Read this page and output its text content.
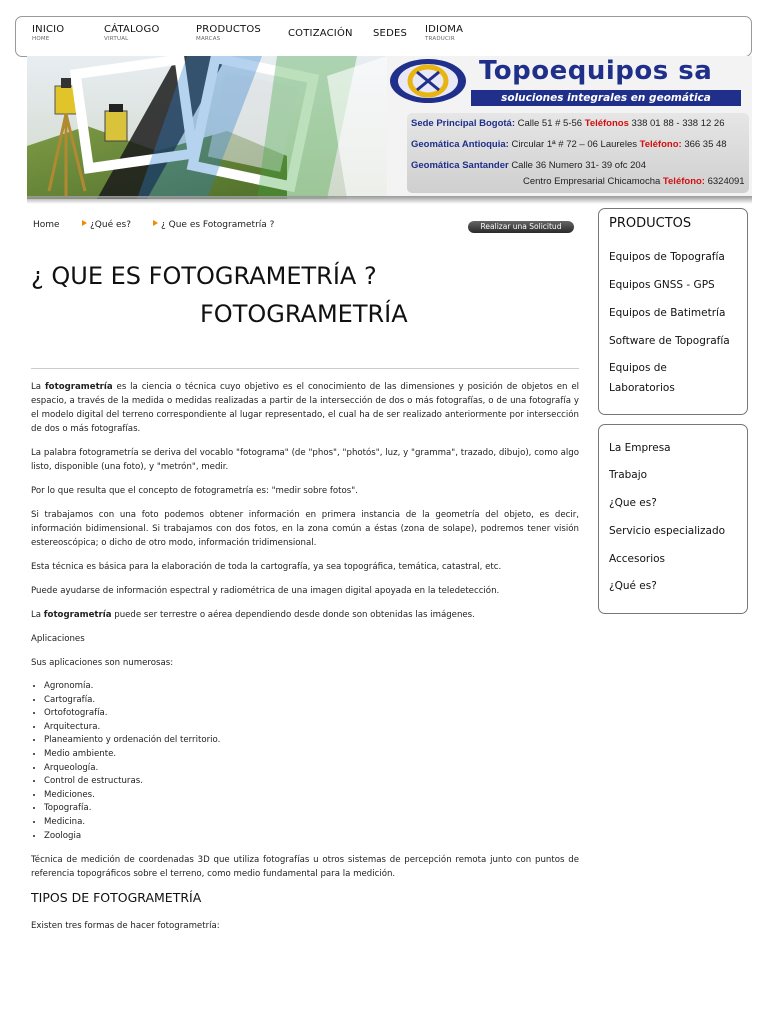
INICIO
HOME
CÁTALOGO
VIRTUAL
PRODUCTOS
MARCAS	COTIZACIÓN SEDES IDIOMA
TRADUCIR
Topoequipos sa
soluciones integrales en geomática
Sede Principal Bogotá: Calle 51 # 5-56 Teléfonos 338 01 88 - 338 12 26
Geomática Antioquia: Circular 1ª # 72 – 06 Laureles Teléfono: 366 35 48
Geomática Santander Calle 36 Numero 31- 39 ofc 204
Centro Empresarial Chicamocha Teléfono: 6324091
Home	¿Qué es?	¿ Que es Fotogrametría ?	Realizar una Solicitud
¿ QUE ES FOTOGRAMETRÍA ?
FOTOGRAMETRÍA

La fotogrametría es la ciencia o técnica cuyo objetivo es el conocimiento de las dimensiones y posición de objetos en el espacio, a través de la medida o medidas realizadas a partir de la intersección de dos o más fotografías, o de una fotografía y el modelo digital del terreno correspondiente al lugar representado, el cual ha de ser realizado anteriormente por intersección de dos o más fotografías.

La palabra fotogrametría se deriva del vocablo "fotograma" (de "phos", "photós", luz, y "gramma", trazado, dibujo), como algo listo, disponible (una foto), y "metrón", medir.

Por lo que resulta que el concepto de fotogrametría es: "medir sobre fotos".

Si trabajamos con una foto podemos obtener información en primera instancia de la geometría del objeto, es decir, información bidimensional. Si trabajamos con dos fotos, en la zona común a éstas (zona de solape), podremos tener visión estereoscópica; o dicho de otro modo, información tridimensional.

Esta técnica es básica para la elaboración de toda la cartografía, ya sea topográfica, temática, catastral, etc.

Puede ayudarse de información espectral y radiométrica de una imagen digital apoyada en la teledetección.

La fotogrametría puede ser terrestre o aérea dependiendo desde donde son obtenidas las imágenes.

Aplicaciones

Sus aplicaciones son numerosas:

• Agronomía.
• Cartografía.
• Ortofotografía.
• Arquitectura.
• Planeamiento y ordenación del territorio.
• Medio ambiente.
• Arqueología.
• Control de estructuras.
• Mediciones.
• Topografía.
• Medicina.
• Zoologia

Técnica de medición de coordenadas 3D que utiliza fotografías u otros sistemas de percepción remota junto con puntos de referencia topográficos sobre el terreno, como medio fundamental para la medición.

TIPOS DE FOTOGRAMETRÍA

Existen tres formas de hacer fotogrametría:

PRODUCTOS
Equipos de Topografía
Equipos GNSS - GPS
Equipos de Batimetría
Software de Topografía
Equipos de
Laboratorios
La Empresa
Trabajo
¿Que es?
Servicio especializado
Accesorios
¿Qué es?
